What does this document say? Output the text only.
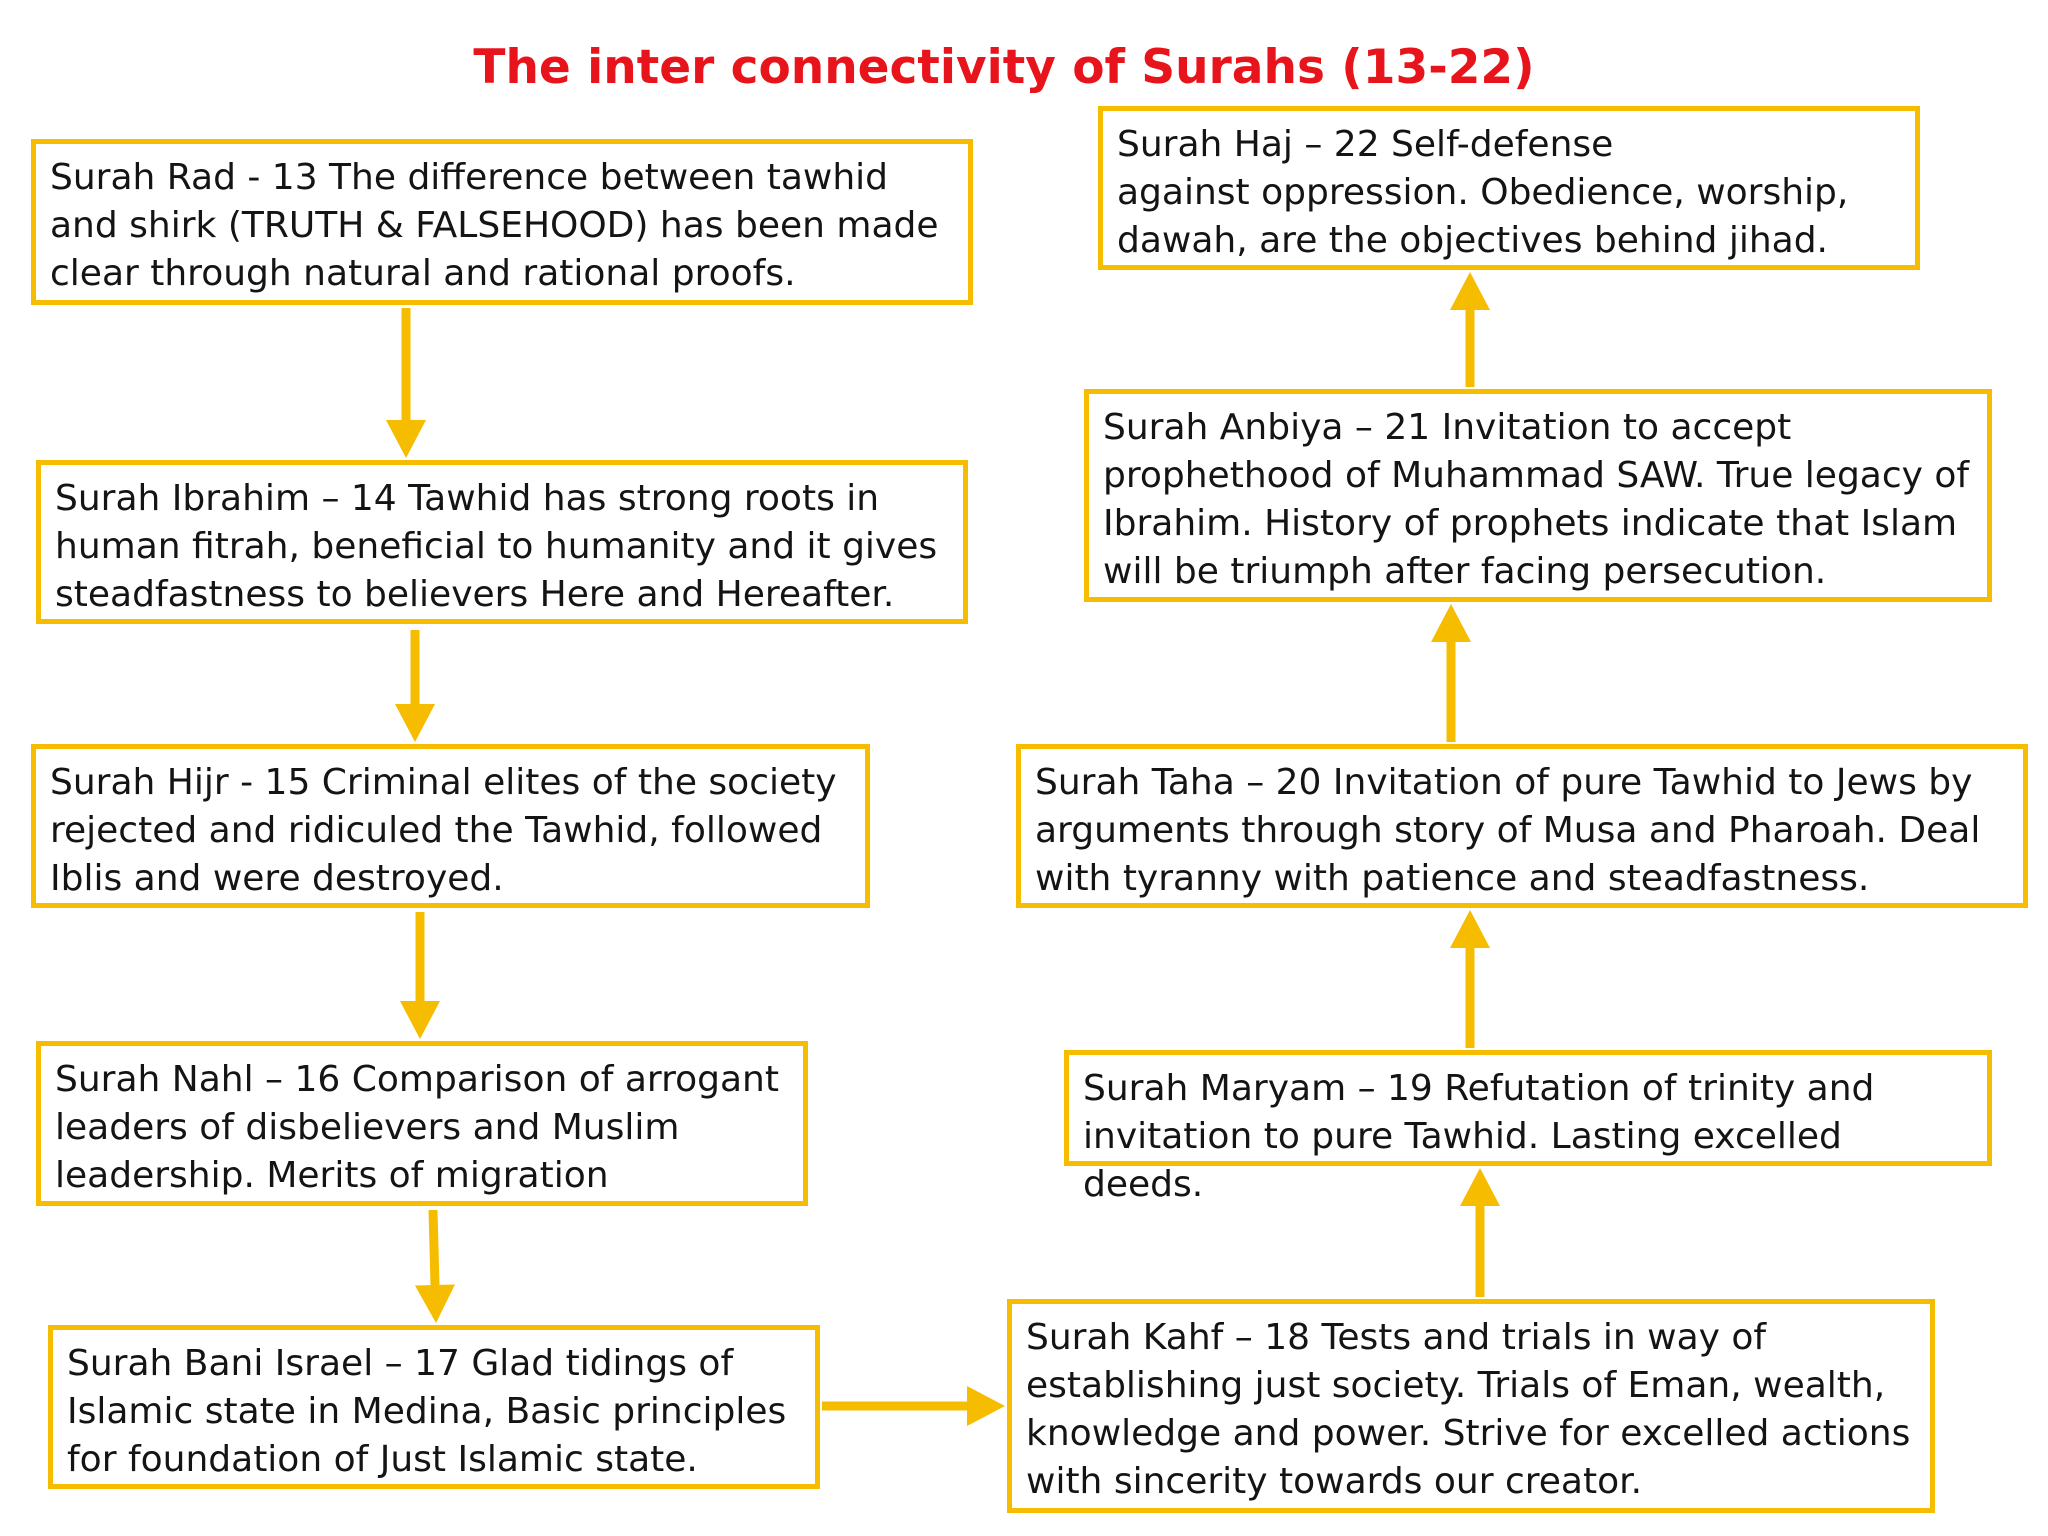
The inter connectivity of Surahs (13-22)
Surah Rad - 13 The difference between tawhid
and shirk (TRUTH & FALSEHOOD) has been made
clear through natural and rational proofs.
Surah Ibrahim – 14 Tawhid has strong roots in
human fitrah, beneficial to humanity and it gives
steadfastness to believers Here and Hereafter.
Surah Hijr - 15 Criminal elites of the society
rejected and ridiculed the Tawhid, followed
Iblis and were destroyed.
Surah Nahl – 16 Comparison of arrogant
leaders of disbelievers and Muslim
leadership. Merits of migration
Surah Bani Israel – 17 Glad tidings of
Islamic state in Medina, Basic principles
for foundation of Just Islamic state.
Surah Kahf – 18 Tests and trials in way of
establishing just society. Trials of Eman, wealth,
knowledge and power. Strive for excelled actions
with sincerity towards our creator.
Surah Maryam – 19 Refutation of trinity and
invitation to pure Tawhid. Lasting excelled deeds.
Surah Taha – 20 Invitation of pure Tawhid to Jews by
arguments through story of Musa and Pharoah. Deal
with tyranny with patience and steadfastness.
Surah Anbiya – 21 Invitation to accept
prophethood of Muhammad SAW. True legacy of
Ibrahim. History of prophets indicate that Islam
will be triumph after facing persecution.
Surah Haj – 22 Self-defense
against oppression. Obedience, worship,
dawah, are the objectives behind jihad.
